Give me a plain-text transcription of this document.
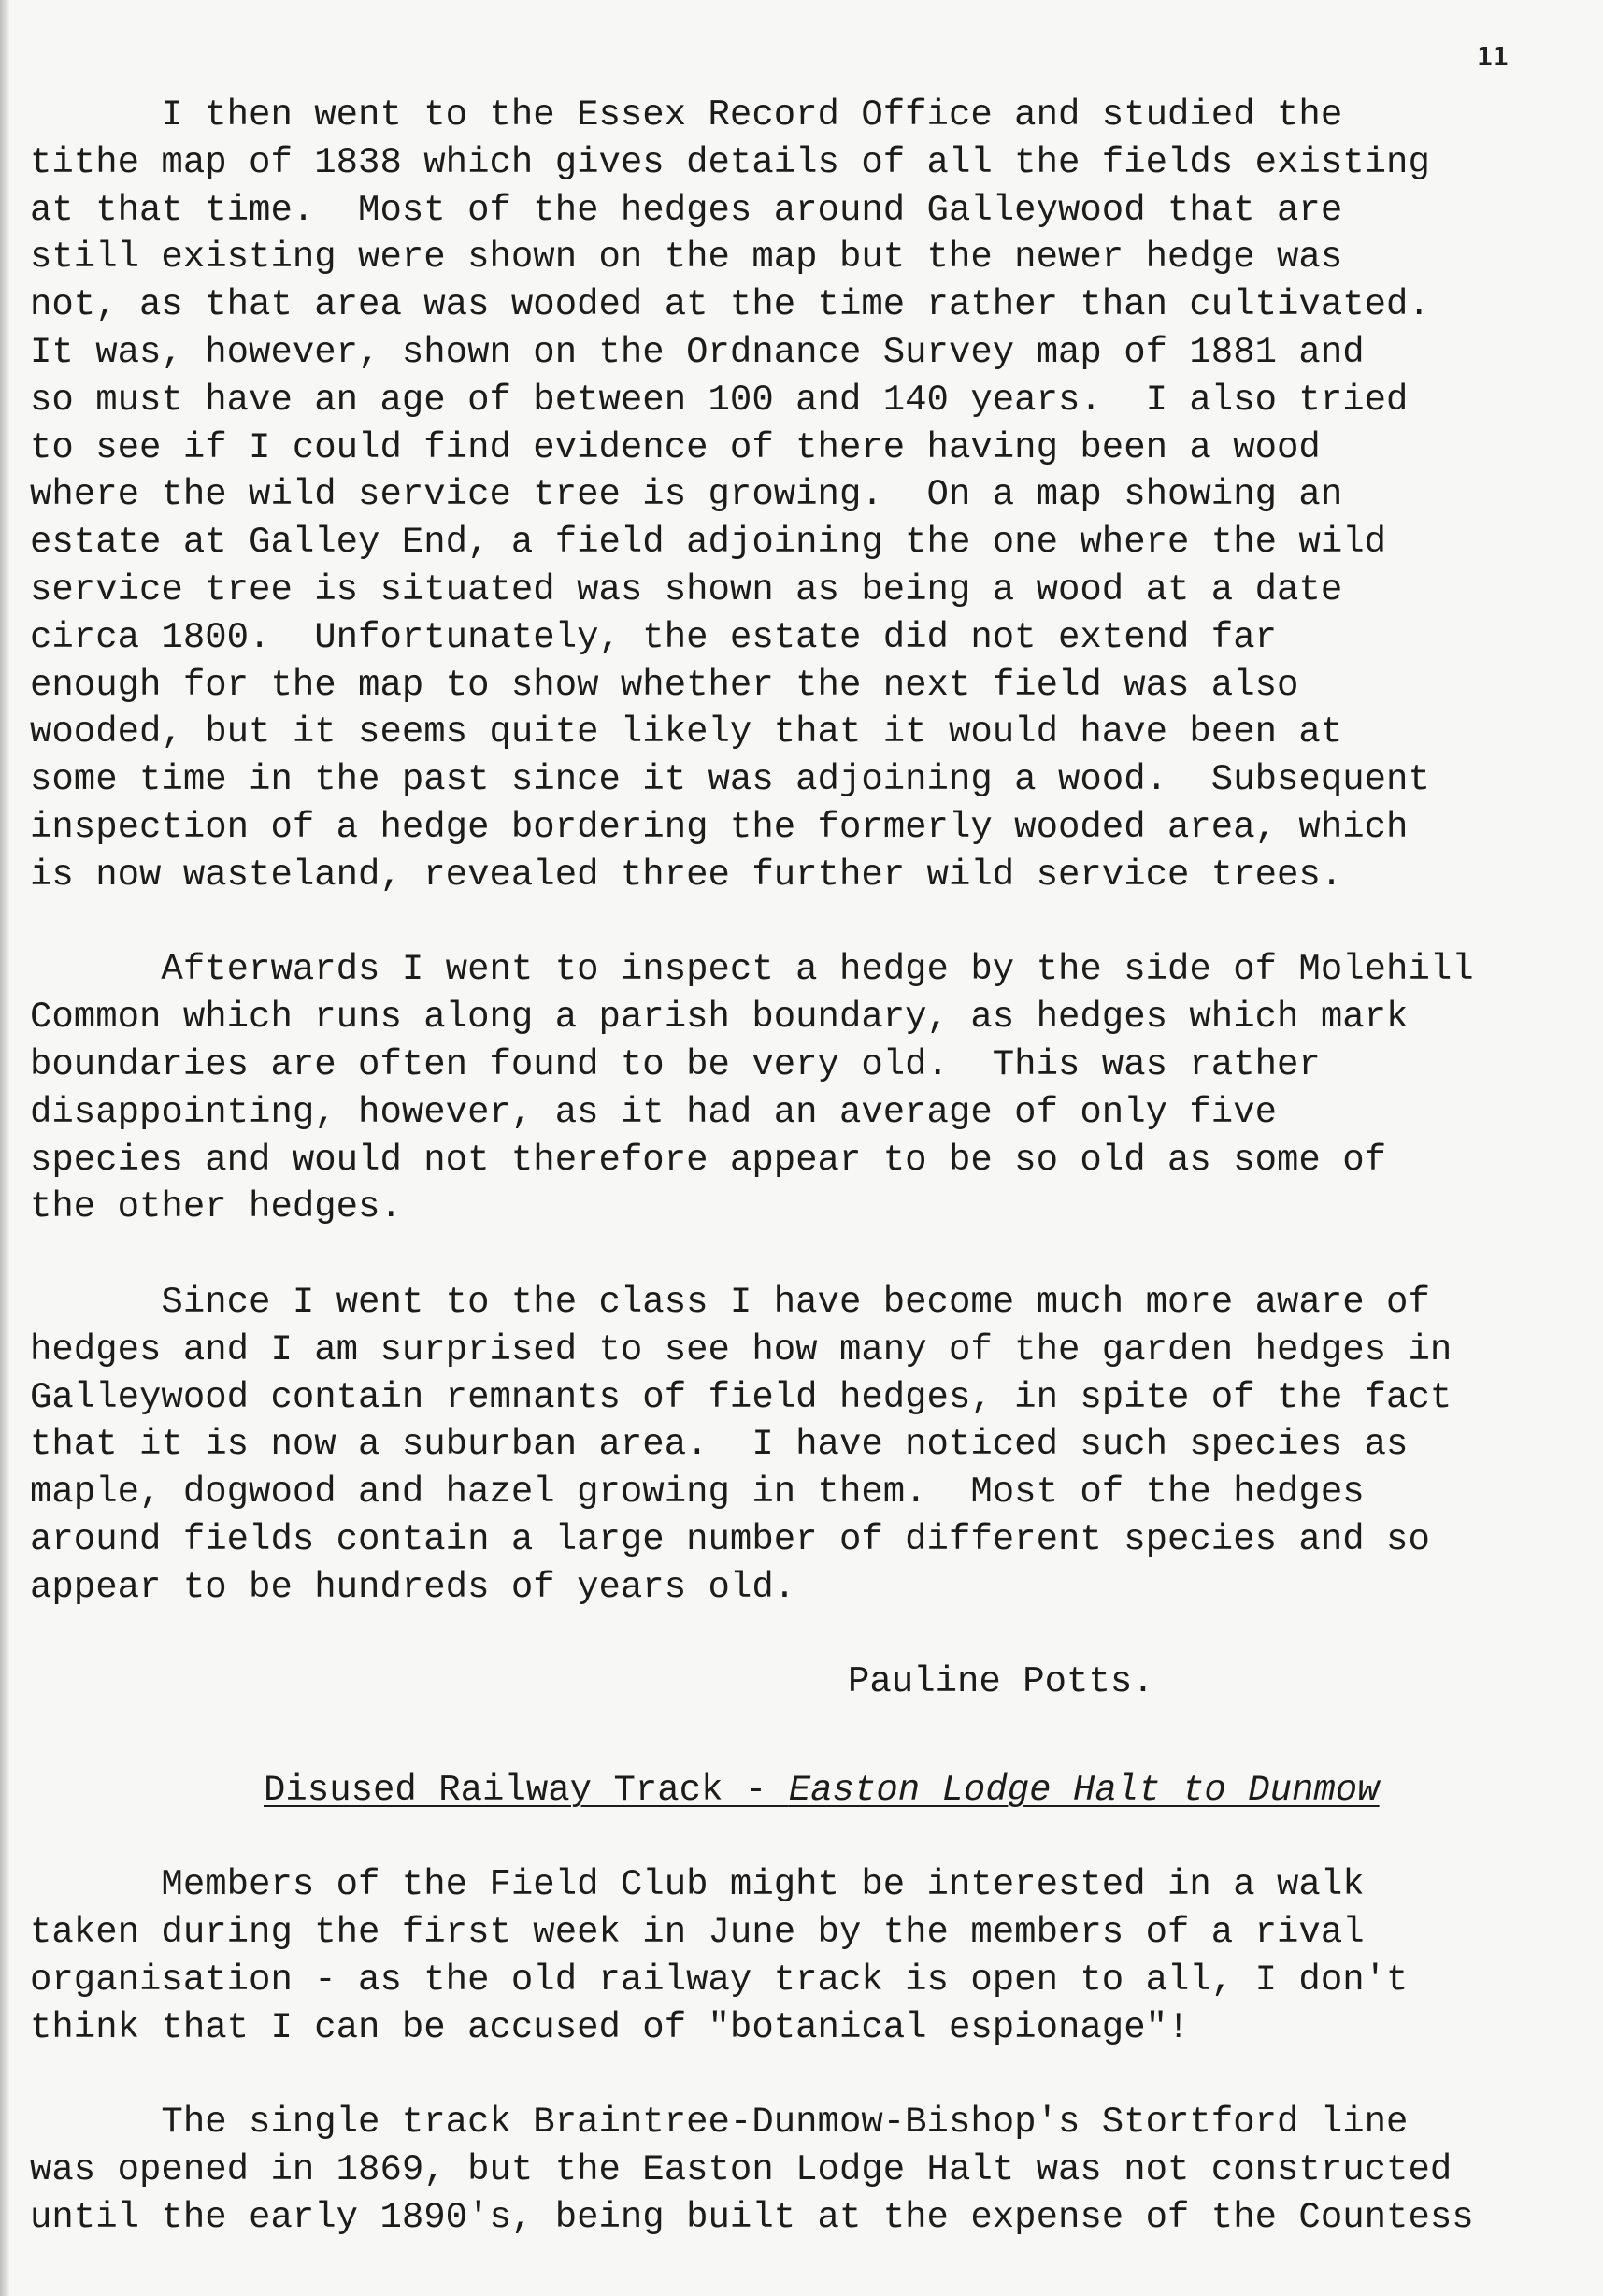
11
I then went to the Essex Record Office and studied the
tithe map of 1838 which gives details of all the fields existing
at that time.  Most of the hedges around Galleywood that are
still existing were shown on the map but the newer hedge was
not, as that area was wooded at the time rather than cultivated.
It was, however, shown on the Ordnance Survey map of 1881 and
so must have an age of between 100 and 140 years.  I also tried
to see if I could find evidence of there having been a wood
where the wild service tree is growing.  On a map showing an
estate at Galley End, a field adjoining the one where the wild
service tree is situated was shown as being a wood at a date
circa 1800.  Unfortunately, the estate did not extend far
enough for the map to show whether the next field was also
wooded, but it seems quite likely that it would have been at
some time in the past since it was adjoining a wood.  Subsequent
inspection of a hedge bordering the formerly wooded area, which
is now wasteland, revealed three further wild service trees.
Afterwards I went to inspect a hedge by the side of Molehill
Common which runs along a parish boundary, as hedges which mark
boundaries are often found to be very old.  This was rather
disappointing, however, as it had an average of only five
species and would not therefore appear to be so old as some of
the other hedges.
Since I went to the class I have become much more aware of
hedges and I am surprised to see how many of the garden hedges in
Galleywood contain remnants of field hedges, in spite of the fact
that it is now a suburban area.  I have noticed such species as
maple, dogwood and hazel growing in them.  Most of the hedges
around fields contain a large number of different species and so
appear to be hundreds of years old.
Pauline Potts.
Disused Railway Track - Easton Lodge Halt to Dunmow
Members of the Field Club might be interested in a walk
taken during the first week in June by the members of a rival
organisation - as the old railway track is open to all, I don't
think that I can be accused of "botanical espionage"!
The single track Braintree-Dunmow-Bishop's Stortford line
was opened in 1869, but the Easton Lodge Halt was not constructed
until the early 1890's, being built at the expense of the Countess
